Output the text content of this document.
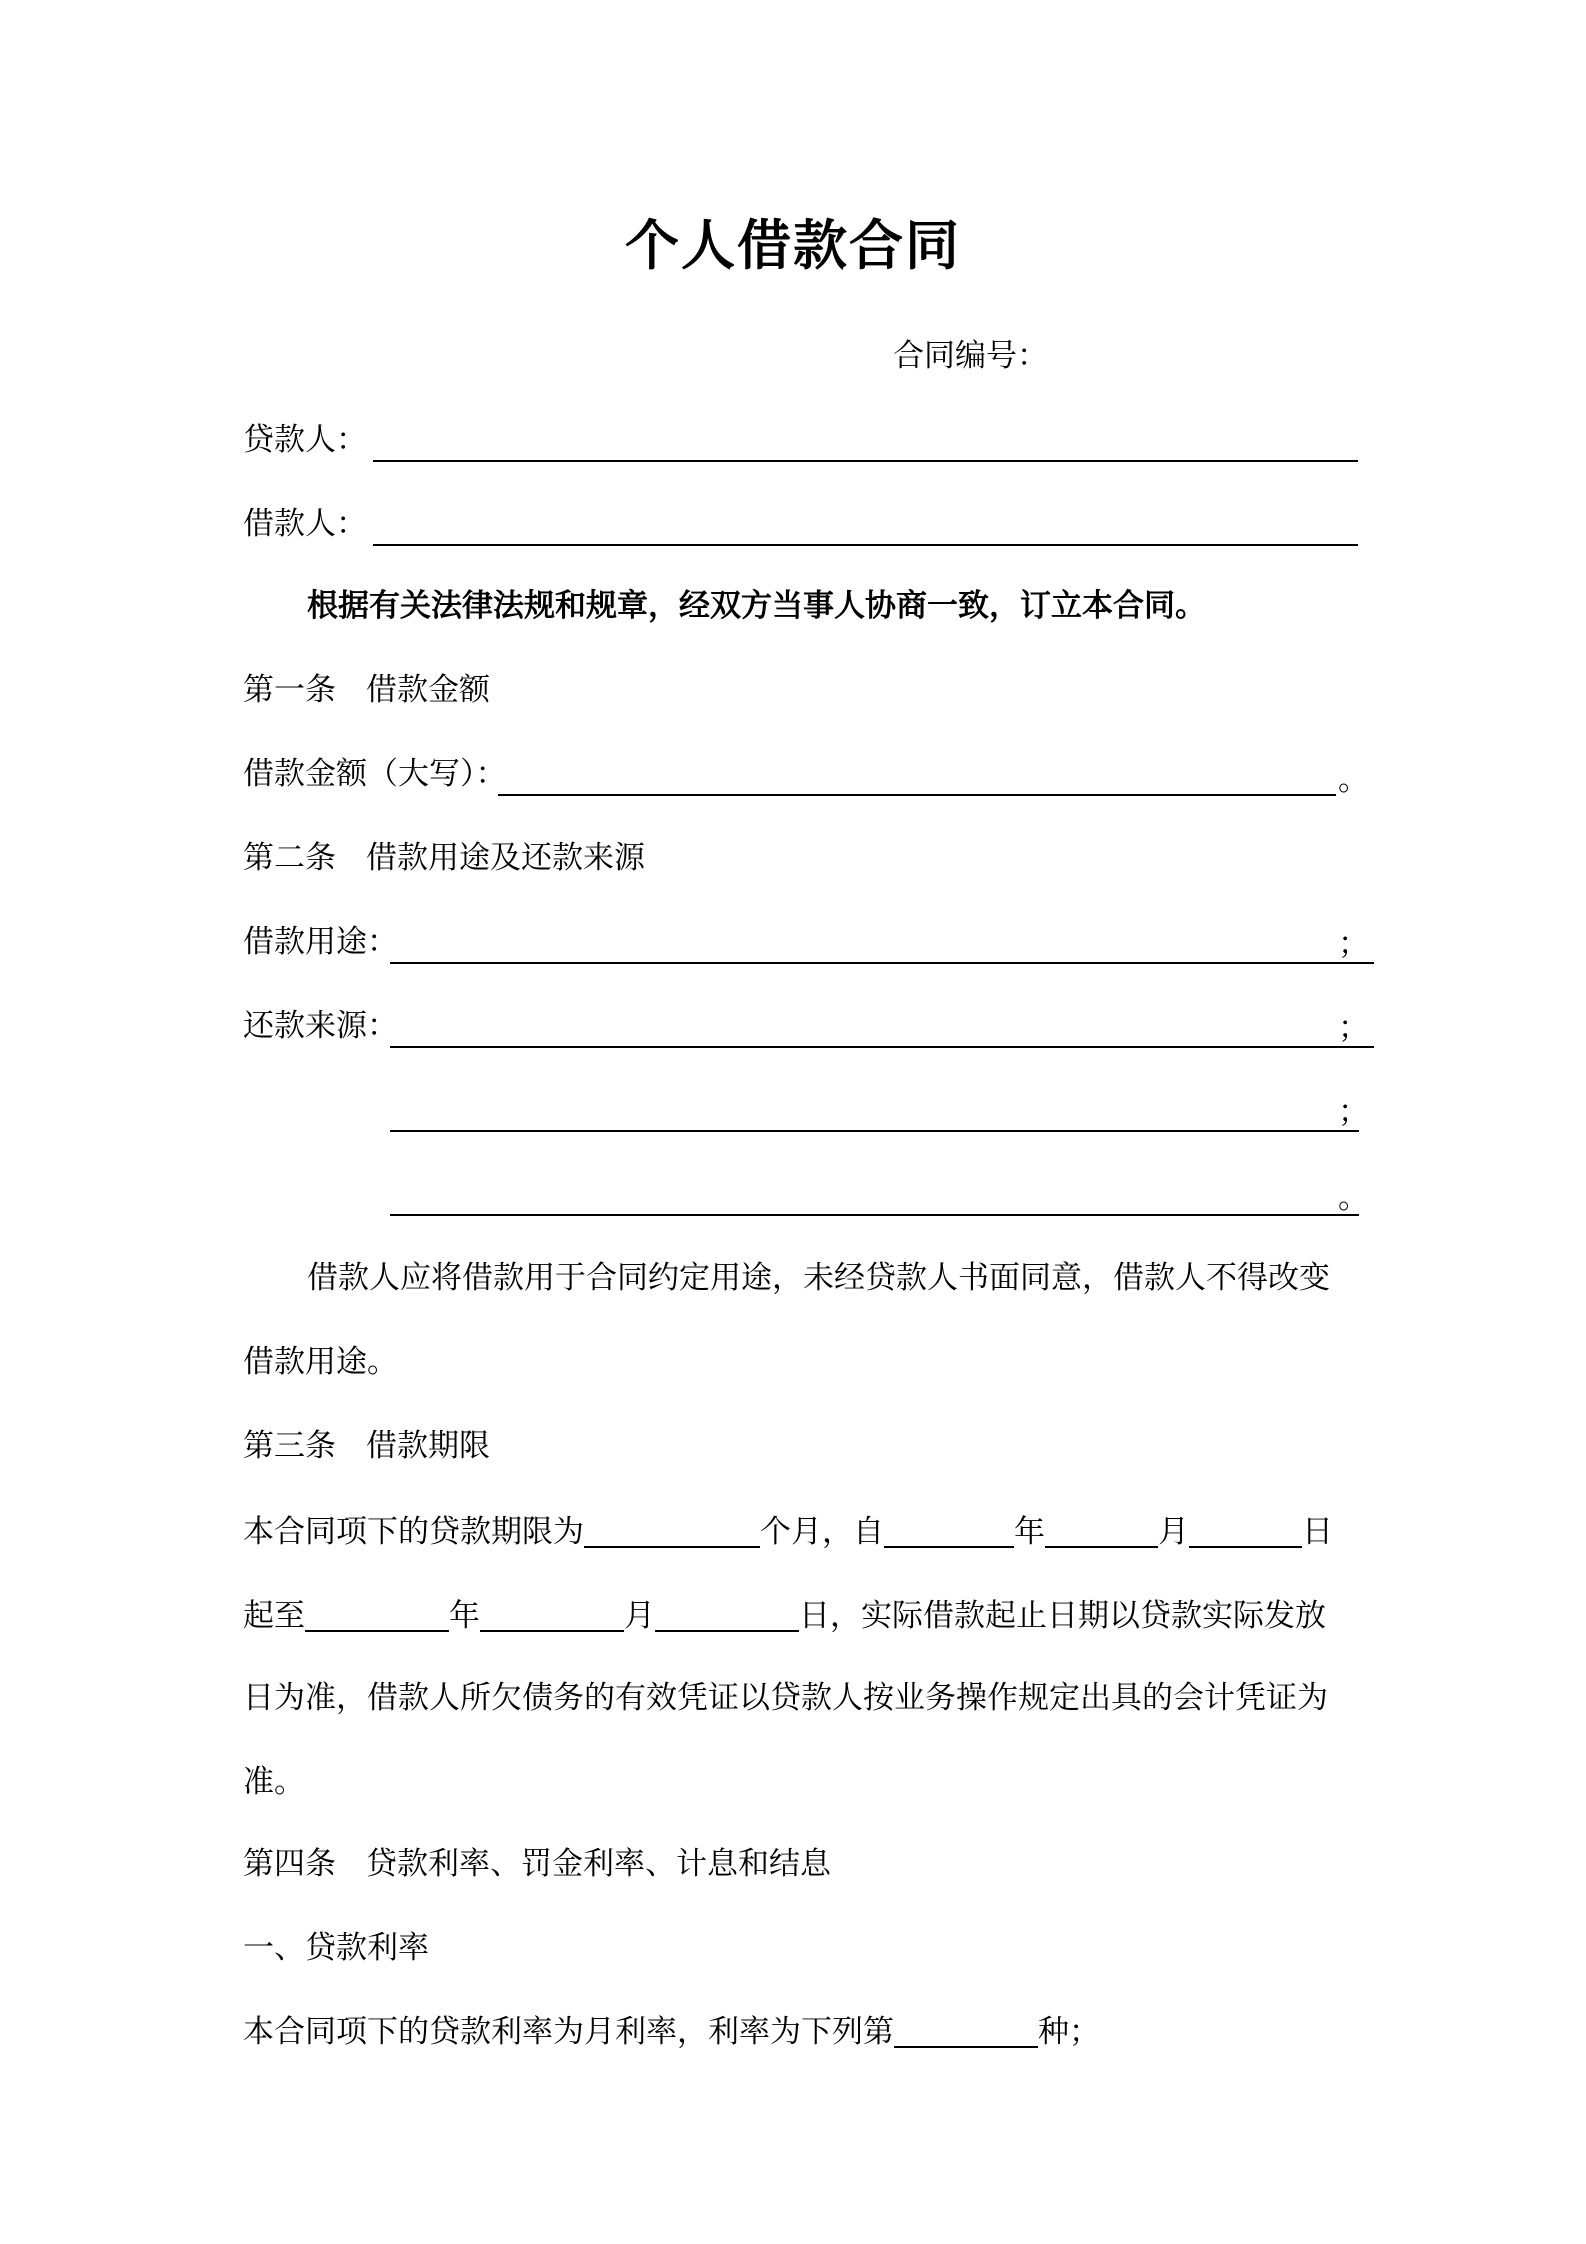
个人借款合同
合同编号：
贷款人：
借款人：
根据有关法律法规和规章，经双方当事人协商一致，订立本合同。
第一条 借款金额
借款金额（大写）：	。
第二条 借款用途及还款来源
借款用途：	；
还款来源：	；
；
。
借款人应将借款用于合同约定用途，未经贷款人书面同意，借款人不得改变
借款用途。
第三条 借款期限
本合同项下的贷款期限为	个月，自	年	月	日
起至	年	月	日，实际借款起止日期以贷款实际发放
日为准，借款人所欠债务的有效凭证以贷款人按业务操作规定出具的会计凭证为
准。
第四条 贷款利率、罚金利率、计息和结息
一、贷款利率
本合同项下的贷款利率为月利率，利率为下列第	种；
